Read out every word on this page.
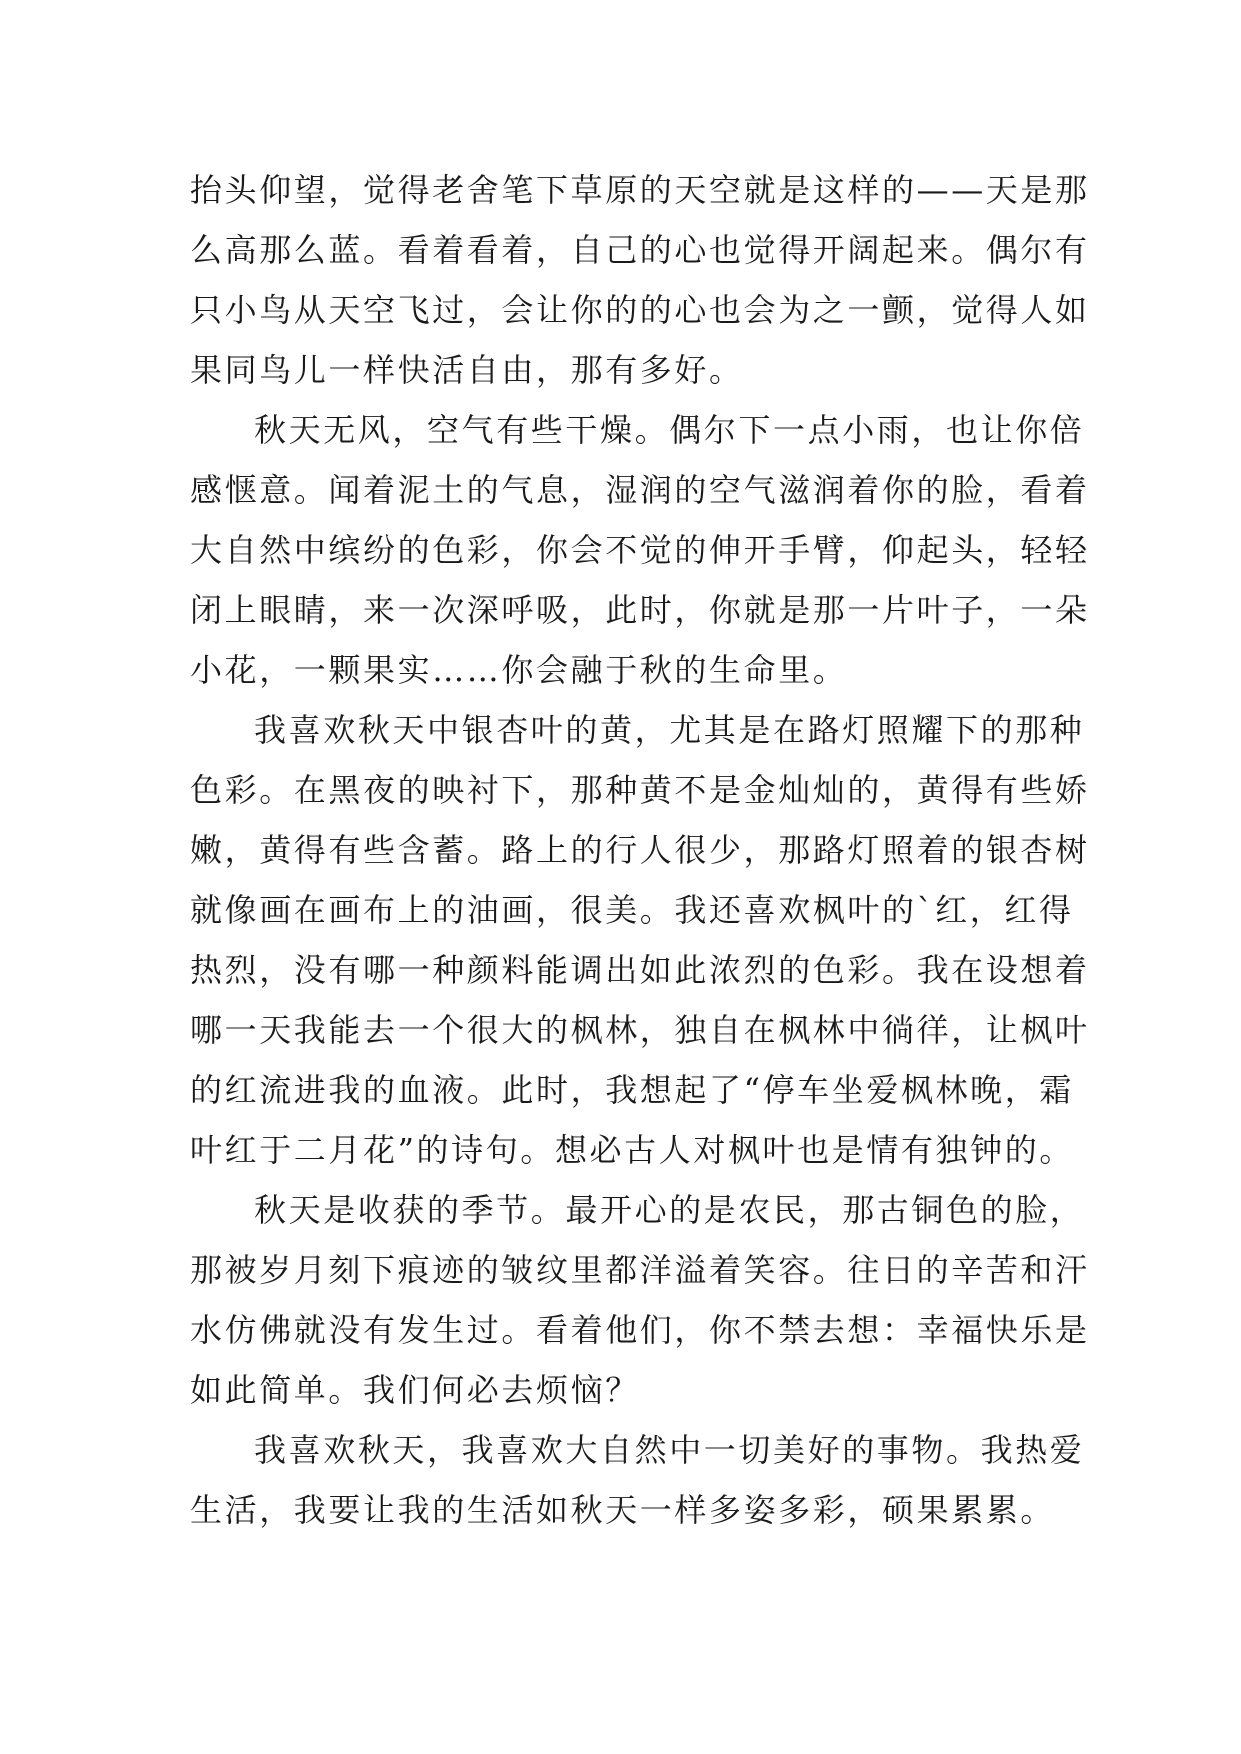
抬头仰望，觉得老舍笔下草原的天空就是这样的——天是那
么高那么蓝。看着看着，自己的心也觉得开阔起来。偶尔有
只小鸟从天空飞过，会让你的的心也会为之一颤，觉得人如
果同鸟儿一样快活自由，那有多好。
秋天无风，空气有些干燥。偶尔下一点小雨，也让你倍
感惬意。闻着泥土的气息，湿润的空气滋润着你的脸，看着
大自然中缤纷的色彩，你会不觉的伸开手臂，仰起头，轻轻
闭上眼睛，来一次深呼吸，此时，你就是那一片叶子，一朵
小花，一颗果实……你会融于秋的生命里。
我喜欢秋天中银杏叶的黄，尤其是在路灯照耀下的那种
色彩。在黑夜的映衬下，那种黄不是金灿灿的，黄得有些娇
嫩，黄得有些含蓄。路上的行人很少，那路灯照着的银杏树
就像画在画布上的油画，很美。我还喜欢枫叶的`红，红得
热烈，没有哪一种颜料能调出如此浓烈的色彩。我在设想着
哪一天我能去一个很大的枫林，独自在枫林中徜徉，让枫叶
的红流进我的血液。此时，我想起了“停车坐爱枫林晚，霜
叶红于二月花”的诗句。想必古人对枫叶也是情有独钟的。
秋天是收获的季节。最开心的是农民，那古铜色的脸，
那被岁月刻下痕迹的皱纹里都洋溢着笑容。往日的辛苦和汗
水仿佛就没有发生过。看着他们，你不禁去想：幸福快乐是
如此简单。我们何必去烦恼？
我喜欢秋天，我喜欢大自然中一切美好的事物。我热爱
生活，我要让我的生活如秋天一样多姿多彩，硕果累累。
